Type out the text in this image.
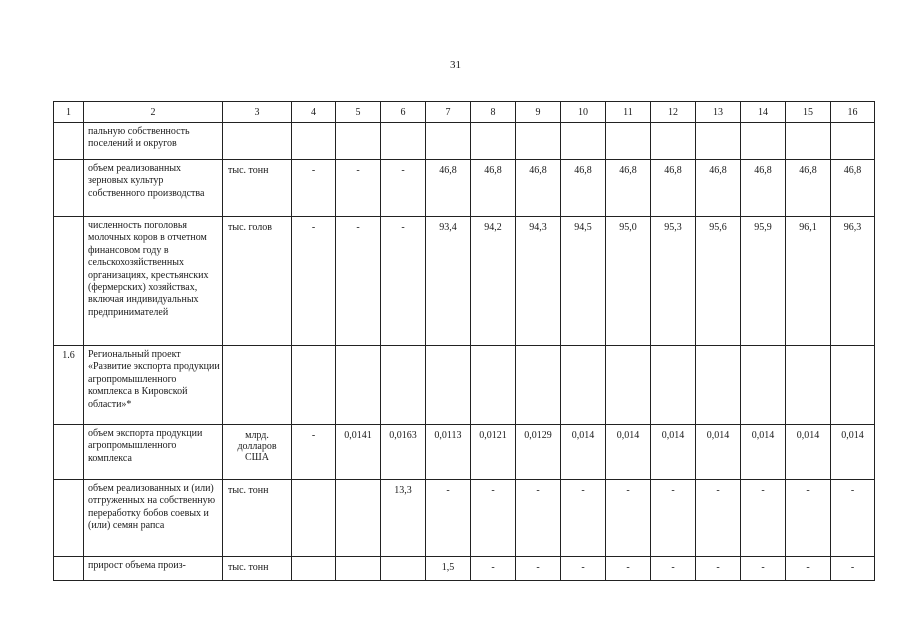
31
1	2	3	4	5	6	7	8	9	10	11	12	13	14	15	16
	пальную собственность поселений и округов														
	объем реализованных зерновых культур собственного производства	тыс. тонн	-	-	-	46,8	46,8	46,8	46,8	46,8	46,8	46,8	46,8	46,8	46,8
	численность поголовья молочных коров в отчетном финансовом году в сельскохозяйственных организациях, крестьянских (фермерских) хозяйствах, включая индивидуальных предпринимателей	тыс. голов	-	-	-	93,4	94,2	94,3	94,5	95,0	95,3	95,6	95,9	96,1	96,3
1.6	Региональный проект «Развитие экспорта продукции агропромышленного комплекса в Кировской области»*														
	объем экспорта продукции агропромышленного комплекса	млрд. долларов США	-	0,0141	0,0163	0,0113	0,0121	0,0129	0,014	0,014	0,014	0,014	0,014	0,014	0,014
	объем реализованных и (или) отгруженных на собственную переработку бобов соевых и (или) семян рапса	тыс. тонн			13,3	-	-	-	-	-	-	-	-	-	-
	прирост объема произ-	тыс. тонн				1,5	-	-	-	-	-	-	-	-	-
